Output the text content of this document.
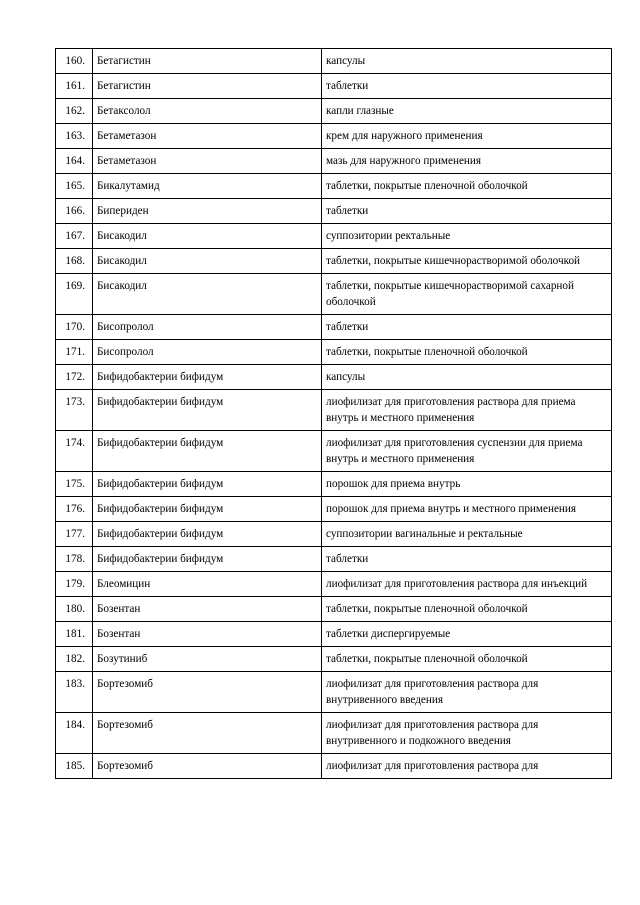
160.	Бетагистин	капсулы
161.	Бетагистин	таблетки
162.	Бетаксолол	капли глазные
163.	Бетаметазон	крем для наружного применения
164.	Бетаметазон	мазь для наружного применения
165.	Бикалутамид	таблетки, покрытые пленочной оболочкой
166.	Бипериден	таблетки
167.	Бисакодил	суппозитории ректальные
168.	Бисакодил	таблетки, покрытые кишечнорастворимой оболочкой
169.	Бисакодил	таблетки, покрытые кишечнорастворимой сахарной оболочкой
170.	Бисопролол	таблетки
171.	Бисопролол	таблетки, покрытые пленочной оболочкой
172.	Бифидобактерии бифидум	капсулы
173.	Бифидобактерии бифидум	лиофилизат для приготовления раствора для приема внутрь и местного применения
174.	Бифидобактерии бифидум	лиофилизат для приготовления суспензии для приема внутрь и местного применения
175.	Бифидобактерии бифидум	порошок для приема внутрь
176.	Бифидобактерии бифидум	порошок для приема внутрь и местного применения
177.	Бифидобактерии бифидум	суппозитории вагинальные и ректальные
178.	Бифидобактерии бифидум	таблетки
179.	Блеомицин	лиофилизат для приготовления раствора для инъекций
180.	Бозентан	таблетки, покрытые пленочной оболочкой
181.	Бозентан	таблетки диспергируемые
182.	Бозутиниб	таблетки, покрытые пленочной оболочкой
183.	Бортезомиб	лиофилизат для приготовления раствора для внутривенного введения
184.	Бортезомиб	лиофилизат для приготовления раствора для внутривенного и подкожного введения
185.	Бортезомиб	лиофилизат для приготовления раствора для
